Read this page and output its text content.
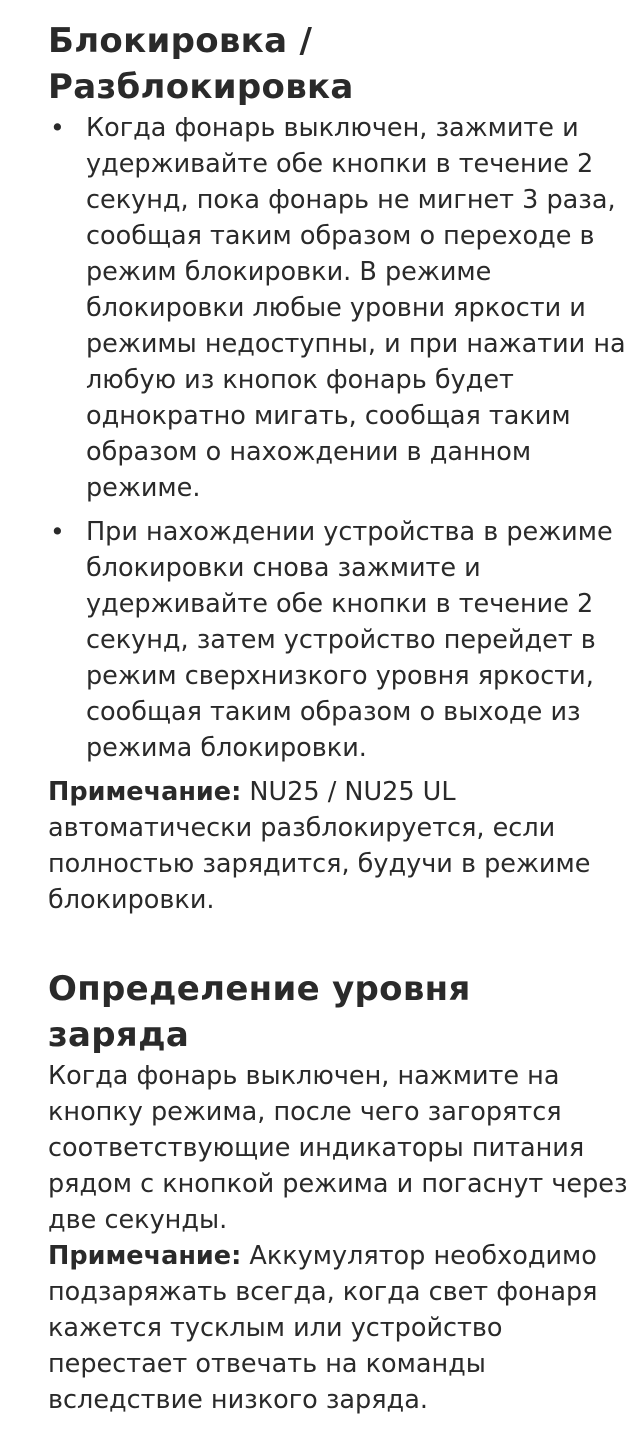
Блокировка /
Разблокировка
• Когда фонарь выключен, зажмите и удерживайте обе кнопки в течение 2 секунд, пока фонарь не мигнет 3 раза, сообщая таким образом о переходе в режим блокировки. В режиме блокировки любые уровни яркости и режимы недоступны, и при нажатии на любую из кнопок фонарь будет однократно мигать, сообщая таким образом о нахождении в данном режиме.
• При нахождении устройства в режиме блокировки снова зажмите и удерживайте обе кнопки в течение 2 секунд, затем устройство перейдет в режим сверхнизкого уровня яркости, сообщая таким образом о выходе из режима блокировки.

Примечание: NU25 / NU25 UL автоматически разблокируется, если полностью зарядится, будучи в режиме блокировки.

Определение уровня
заряда

Когда фонарь выключен, нажмите на кнопку режима, после чего загорятся соответствующие индикаторы питания рядом с кнопкой режима и погаснут через две секунды.

Примечание: Аккумулятор необходимо подзаряжать всегда, когда свет фонаря кажется тусклым или устройство перестает отвечать на команды вследствие низкого заряда.
